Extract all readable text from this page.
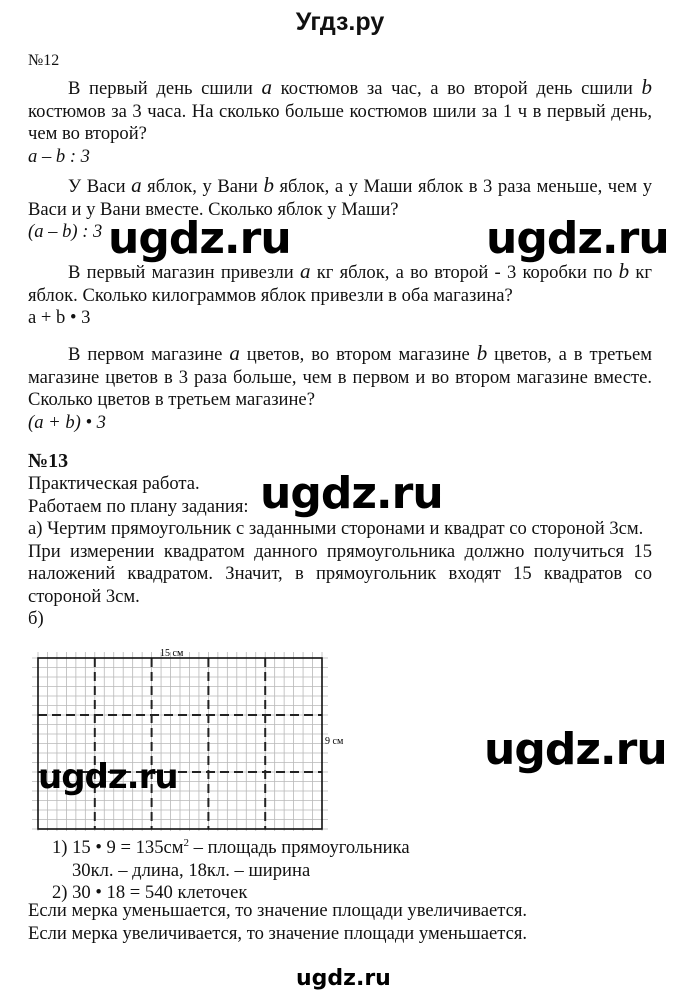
Угдз.ру
№12

В первый день сшили a костюмов за час, а во второй день сшили b костюмов за 3 часа. На сколько больше костюмов шили за 1 ч в первый день, чем во второй?

a – b : 3

У Васи a яблок, у Вани b яблок, а у Маши яблок в 3 раза меньше, чем у Васи и у Вани вместе. Сколько яблок у Маши?

(a – b) : 3

В первый магазин привезли a кг яблок, а во второй - 3 коробки по b кг яблок. Сколько килограммов яблок привезли в оба магазина?

a + b • 3

В первом магазине a цветов, во втором магазине b цветов, а в третьем магазине цветов в 3 раза больше, чем в первом и во втором магазине вместе. Сколько цветов в третьем магазине?

(a + b) • 3

№13

Практическая работа.

Работаем по плану задания:

а) Чертим прямоугольник с заданными сторонами и квадрат со стороной 3см.

При измерении квадратом данного прямоугольника должно получиться 15 наложений квадратом. Значит, в прямоугольник входят 15 квадратов со стороной 3см.

б)

15 см
9 см

1) 15 • $9 = 135см^2$ – площадь прямоугольника

30кл. – длина, 18кл. – ширина

2) 30 • 18 = 540 клеточек

Если мерка уменьшается, то значение площади увеличивается.

Если мерка увеличивается, то значение площади уменьшается.

ugdz.ru	ugdz.ru
ugdz.ru
ugdz.ru
ugdz.ru
ugdz.ru
